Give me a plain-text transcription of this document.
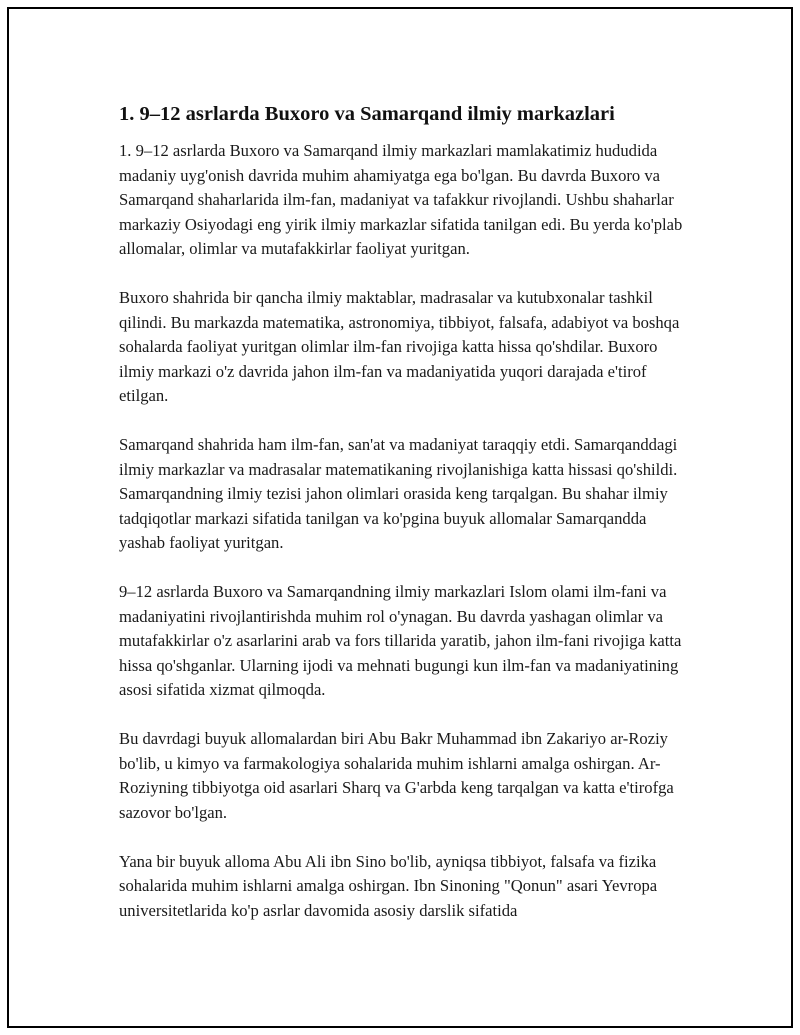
1. 9–12 asrlarda Buxoro va Samarqand ilmiy markazlari

1. 9–12 asrlarda Buxoro va Samarqand ilmiy markazlari mamlakatimiz hududida madaniy uyg'onish davrida muhim ahamiyatga ega bo'lgan. Bu davrda Buxoro va Samarqand shaharlarida ilm-fan, madaniyat va tafakkur rivojlandi. Ushbu shaharlar markaziy Osiyodagi eng yirik ilmiy markazlar sifatida tanilgan edi. Bu yerda ko'plab allomalar, olimlar va mutafakkirlar faoliyat yuritgan.

Buxoro shahrida bir qancha ilmiy maktablar, madrasalar va kutubxonalar tashkil qilindi. Bu markazda matematika, astronomiya, tibbiyot, falsafa, adabiyot va boshqa sohalarda faoliyat yuritgan olimlar ilm-fan rivojiga katta hissa qo'shdilar. Buxoro ilmiy markazi o'z davrida jahon ilm-fan va madaniyatida yuqori darajada e'tirof etilgan.

Samarqand shahrida ham ilm-fan, san'at va madaniyat taraqqiy etdi. Samarqanddagi ilmiy markazlar va madrasalar matematikaning rivojlanishiga katta hissasi qo'shildi. Samarqandning ilmiy tezisi jahon olimlari orasida keng tarqalgan. Bu shahar ilmiy tadqiqotlar markazi sifatida tanilgan va ko'pgina buyuk allomalar Samarqandda yashab faoliyat yuritgan.

9–12 asrlarda Buxoro va Samarqandning ilmiy markazlari Islom olami ilm-fani va madaniyatini rivojlantirishda muhim rol o'ynagan. Bu davrda yashagan olimlar va mutafakkirlar o'z asarlarini arab va fors tillarida yaratib, jahon ilm-fani rivojiga katta hissa qo'shganlar. Ularning ijodi va mehnati bugungi kun ilm-fan va madaniyatining asosi sifatida xizmat qilmoqda.

Bu davrdagi buyuk allomalardan biri Abu Bakr Muhammad ibn Zakariyo ar-Roziy bo'lib, u kimyo va farmakologiya sohalarida muhim ishlarni amalga oshirgan. Ar-Roziyning tibbiyotga oid asarlari Sharq va G'arbda keng tarqalgan va katta e'tirofga sazovor bo'lgan.

Yana bir buyuk alloma Abu Ali ibn Sino bo'lib, ayniqsa tibbiyot, falsafa va fizika sohalarida muhim ishlarni amalga oshirgan. Ibn Sinoning "Qonun" asari Yevropa universitetlarida ko'p asrlar davomida asosiy darslik sifatida
